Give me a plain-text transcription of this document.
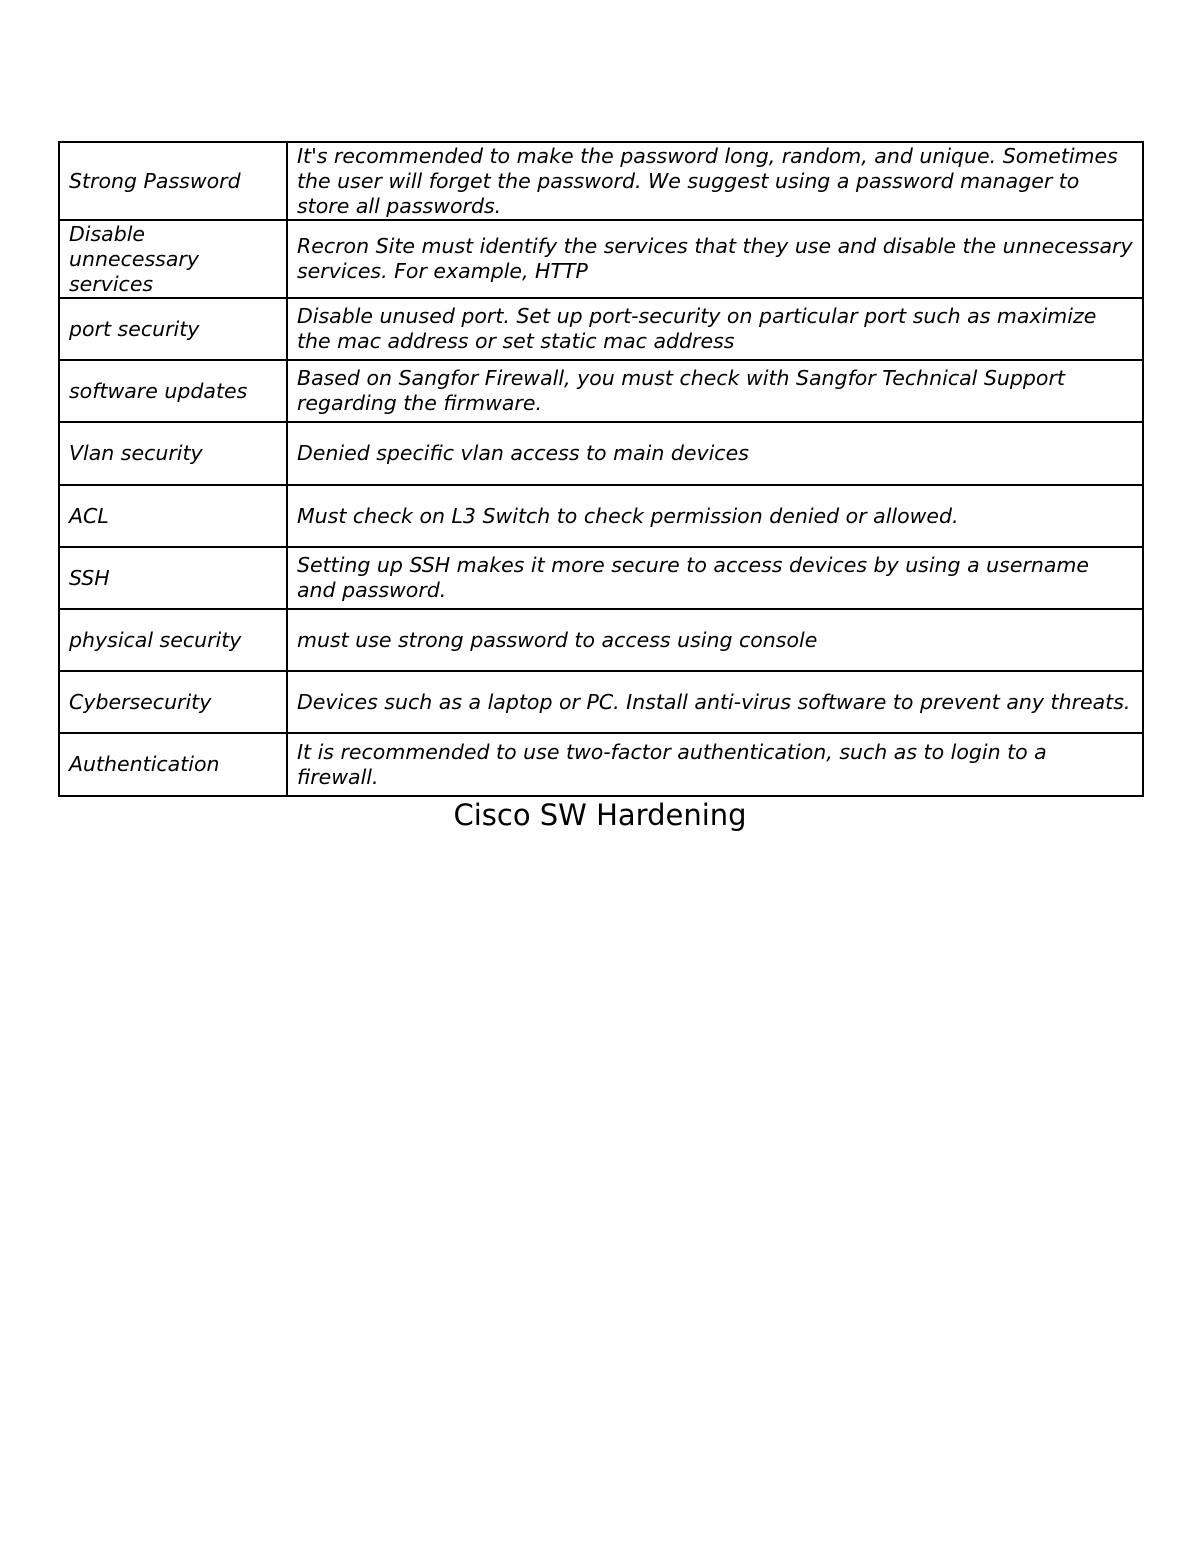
Strong Password	It's recommended to make the password long, random, and unique. Sometimes the user will forget the password. We suggest using a password manager to store all passwords.
Disable unnecessary services	Recron Site must identify the services that they use and disable the unnecessary services. For example, HTTP
port security	Disable unused port. Set up port-security on particular port such as maximize the mac address or set static mac address
software updates	Based on Sangfor Firewall, you must check with Sangfor Technical Support regarding the firmware.
Vlan security	Denied specific vlan access to main devices
ACL	Must check on L3 Switch to check permission denied or allowed.
SSH	Setting up SSH makes it more secure to access devices by using a username and password.
physical security	must use strong password to access using console
Cybersecurity	Devices such as a laptop or PC. Install anti-virus software to prevent any threats.
Authentication	It is recommended to use two-factor authentication, such as to login to a firewall.
Cisco SW Hardening
